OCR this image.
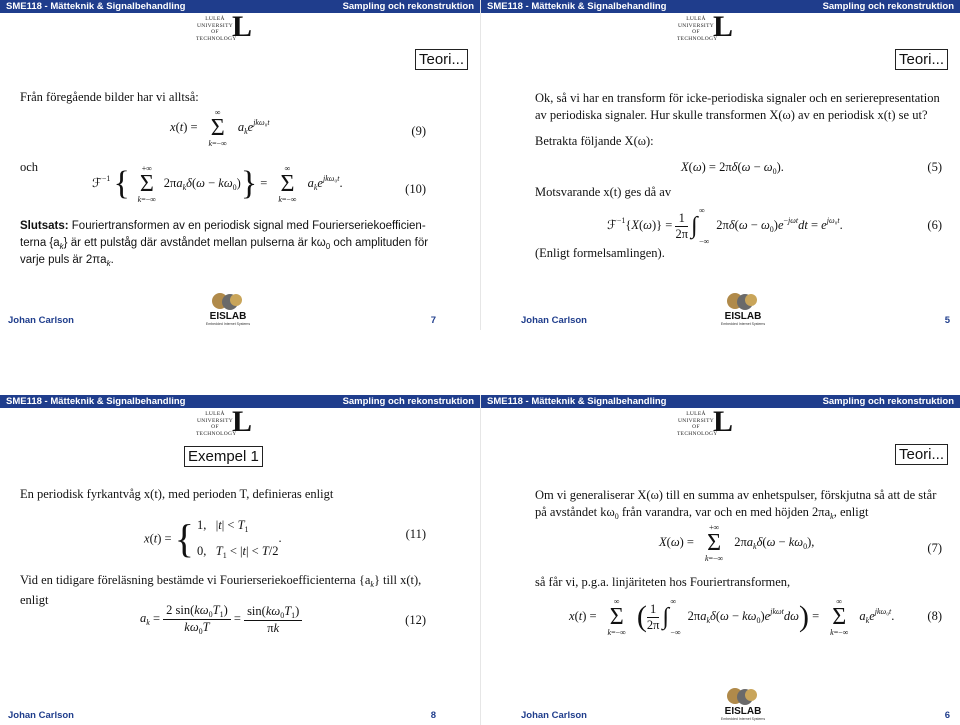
SME118 - Mätteknik & Signalbehandling	Sampling och rekonstruktion
LULEÅ
UNIVERSITY
OF TECHNOLOGY
L
Teori...
Från föregående bilder har vi alltså:
x(t) =
∞
Σ
k=−∞
$a_ke^{jk\omega_0t}$
(9)
och
ℱ$^{-1}$ {	+∞
Σ
k=−∞
$2\pi a_k\delta(\omega - k\omega_0)$} =
∞
Σ
k=−∞
$a_ke^{jk\omega_0t}$.	(10)
Slutsats: Fouriertransformen av en periodisk signal med Fourierseriekoefficien-terna $\{a_k\}$ är ett pulståg där avståndet mellan pulserna är $k\omega_0$ och amplituden för varje puls är $2\pi a_k$.
EISLAB
Embedded Internet Systems
Johan Carlson	7
SME118 - Mätteknik & Signalbehandling	Sampling och rekonstruktion
LULEÅ
UNIVERSITY
OF TECHNOLOGY
L
Teori...
Ok, så vi har en transform för icke-periodiska signaler och en serierepresentation av periodiska signaler. Hur skulle transformen X(ω) av en periodisk x(t) se ut?
Betrakta följande X(ω):
$X(\omega) = 2\pi\delta(\omega - \omega_0)$.	(5)
Motsvarande x(t) ges då av
ℱ$^{-1}${X(ω)} = $\frac{1}{2\pi}$
	∞
∫
−∞
$2\pi\delta(\omega - \omega_0)e^{-j\omega t}dt = e^{j\omega_0t}$.	(6)
(Enligt formelsamlingen).
EISLAB
Embedded Internet Systems
Johan Carlson	5
SME118 - Mätteknik & Signalbehandling	Sampling och rekonstruktion
LULEÅ
UNIVERSITY
OF TECHNOLOGY
L
Exempel 1
En periodisk fyrkantvåg x(t), med perioden T, definieras enligt
x(t) = { 1,   $|t| < T_1$
0,   $T_1 < |t| < T/2$.	(11)
Vid en tidigare föreläsning bestämde vi Fourierseriekoefficienterna $\{a_k\}$ till x(t), enligt
$a_k = \frac{2 \sin(k\omega_0T_1)}{k\omega_0T} = \frac{\sin(k\omega_0T_1)}{\pi k}$	(12)
Johan Carlson	8
SME118 - Mätteknik & Signalbehandling	Sampling och rekonstruktion
LULEÅ
UNIVERSITY
OF TECHNOLOGY
L
Teori...
Om vi generaliserar X(ω) till en summa av enhetspulser, förskjutna så att de står på avståndet $k\omega_0$ från varandra, var och en med höjden $2\pi a_k$, enligt
X(ω) =
+∞
Σ
k=−∞
$2\pi a_k\delta(\omega - k\omega_0)$,	(7)
så får vi, p.g.a. linjäriteten hos Fouriertransformen,
x(t) =
∞
Σ
k=−∞ ( $\frac{1}{2\pi}$
	∞
∫
−∞
$2\pi a_k\delta(\omega - k\omega_0)e^{jk\omega t}d\omega$) =
∞
Σ
k=−∞
$a_ke^{jk\omega_0t}$.	(8)
EISLAB
Embedded Internet Systems
Johan Carlson	6
